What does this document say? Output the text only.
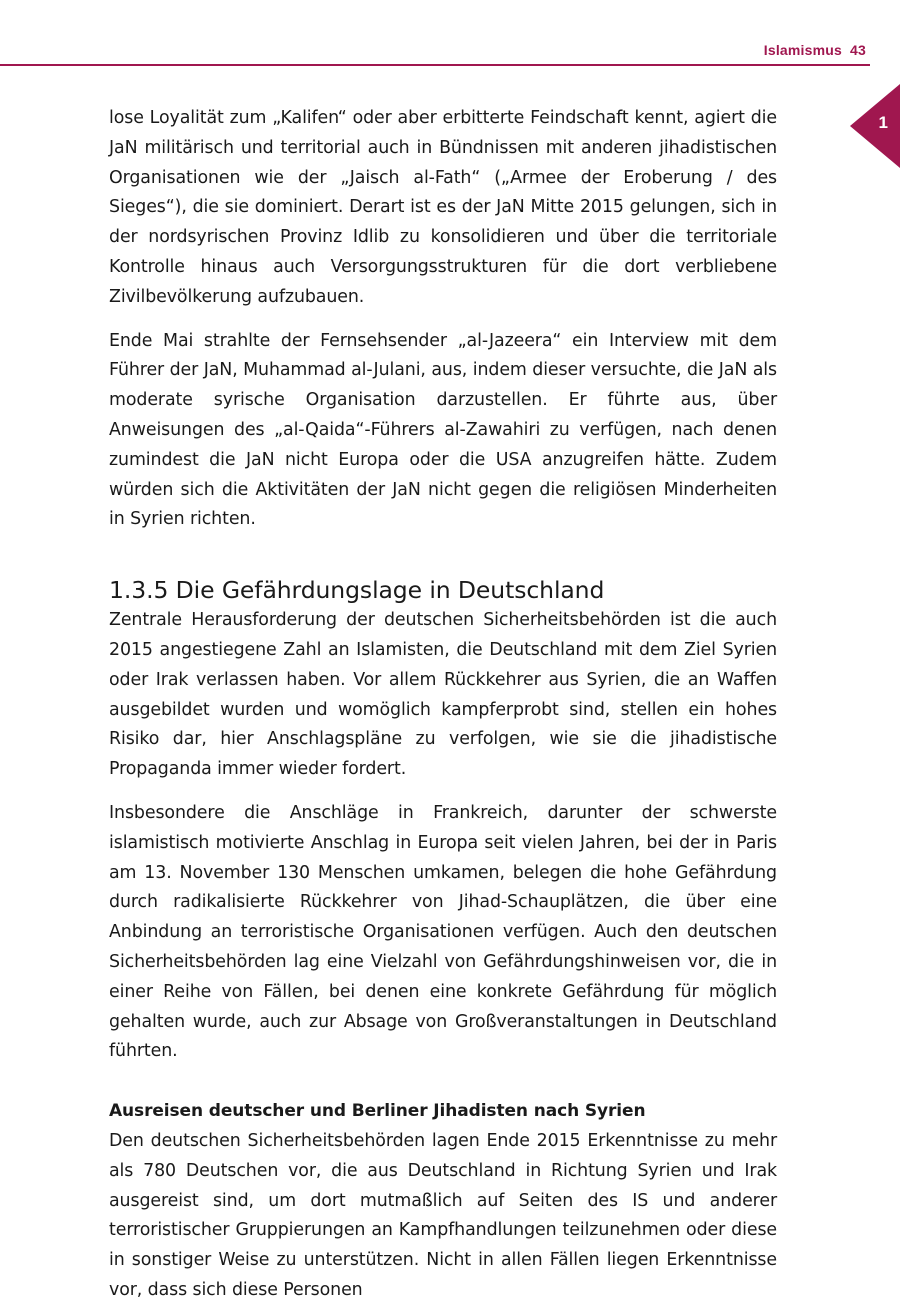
Islamismus 43
1

lose Loyalität zum „Kalifen“ oder aber erbitterte Feindschaft kennt, agiert die JaN militärisch und territorial auch in Bündnissen mit anderen jihadistischen Organisationen wie der „Jaisch al-Fath“ („Armee der Eroberung / des Sieges“), die sie dominiert. Derart ist es der JaN Mitte 2015 gelungen, sich in der nordsyrischen Provinz Idlib zu konsolidieren und über die territoriale Kontrolle hinaus auch Versorgungsstrukturen für die dort verbliebene Zivilbevölkerung aufzubauen.

Ende Mai strahlte der Fernsehsender „al-Jazeera“ ein Interview mit dem Führer der JaN, Muhammad al-Julani, aus, indem dieser versuchte, die JaN als moderate syrische Organisation darzustellen. Er führte aus, über Anweisungen des „al-Qaida“-Führers al-Zawahiri zu verfügen, nach denen zumindest die JaN nicht Europa oder die USA anzugreifen hätte. Zudem würden sich die Aktivitäten der JaN nicht gegen die religiösen Minderheiten in Syrien richten.

1.3.5 Die Gefährdungslage in Deutschland

Zentrale Herausforderung der deutschen Sicherheitsbehörden ist die auch 2015 angestiegene Zahl an Islamisten, die Deutschland mit dem Ziel Syrien oder Irak verlassen haben. Vor allem Rückkehrer aus Syrien, die an Waffen ausgebildet wurden und womöglich kampferprobt sind, stellen ein hohes Risiko dar, hier Anschlagspläne zu verfolgen, wie sie die jihadistische Propaganda immer wieder fordert.

Insbesondere die Anschläge in Frankreich, darunter der schwerste islamistisch motivierte Anschlag in Europa seit vielen Jahren, bei der in Paris am 13. November 130 Menschen umkamen, belegen die hohe Gefährdung durch radikalisierte Rückkehrer von Jihad-Schauplätzen, die über eine Anbindung an terroristische Organisationen verfügen. Auch den deutschen Sicherheitsbehörden lag eine Vielzahl von Gefährdungshinweisen vor, die in einer Reihe von Fällen, bei denen eine konkrete Gefährdung für möglich gehalten wurde, auch zur Absage von Großveranstaltungen in Deutschland führten.

Ausreisen deutscher und Berliner Jihadisten nach Syrien

Den deutschen Sicherheitsbehörden lagen Ende 2015 Erkenntnisse zu mehr als 780 Deutschen vor, die aus Deutschland in Richtung Syrien und Irak ausgereist sind, um dort mutmaßlich auf Seiten des IS und anderer terroristischer Gruppierungen an Kampfhandlungen teilzunehmen oder diese in sonstiger Weise zu unterstützen. Nicht in allen Fällen liegen Erkenntnisse vor, dass sich diese Personen
